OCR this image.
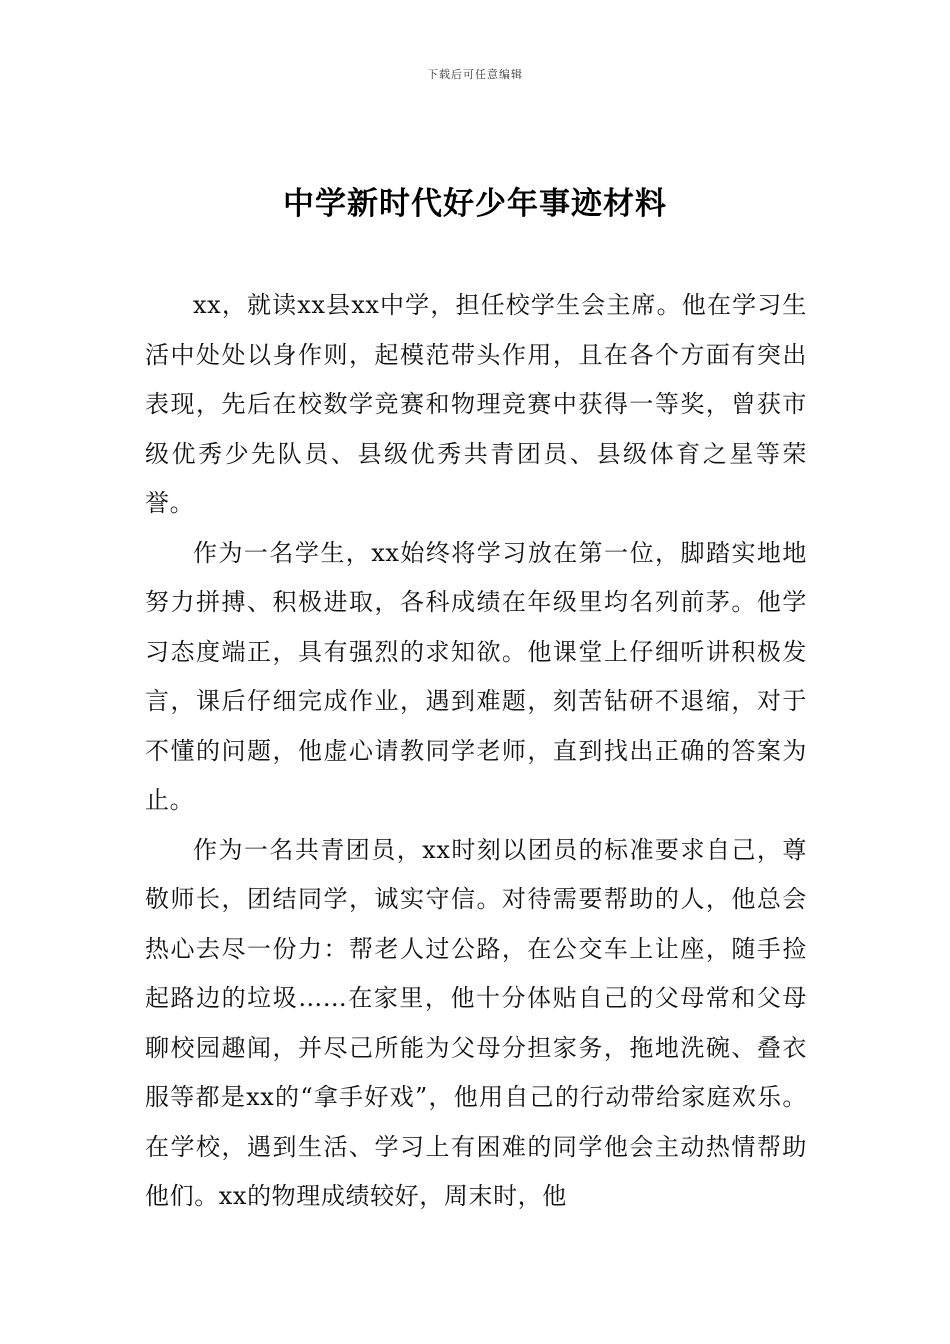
下载后可任意编辑
中学新时代好少年事迹材料

xx，就读xx县xx中学，担任校学生会主席。他在学习生活中处处以身作则，起模范带头作用，且在各个方面有突出表现，先后在校数学竞赛和物理竞赛中获得一等奖，曾获市级优秀少先队员、县级优秀共青团员、县级体育之星等荣誉。

作为一名学生，xx始终将学习放在第一位，脚踏实地地努力拼搏、积极进取，各科成绩在年级里均名列前茅。他学习态度端正，具有强烈的求知欲。他课堂上仔细听讲积极发言，课后仔细完成作业，遇到难题，刻苦钻研不退缩，对于不懂的问题，他虚心请教同学老师，直到找出正确的答案为止。

作为一名共青团员，xx时刻以团员的标准要求自己，尊敬师长，团结同学，诚实守信。对待需要帮助的人，他总会热心去尽一份力：帮老人过公路，在公交车上让座，随手捡起路边的垃圾……在家里，他十分体贴自己的父母常和父母聊校园趣闻，并尽己所能为父母分担家务，拖地洗碗、叠衣服等都是xx的“拿手好戏”，他用自己的行动带给家庭欢乐。在学校，遇到生活、学习上有困难的同学他会主动热情帮助他们。xx的物理成绩较好，周末时，他
